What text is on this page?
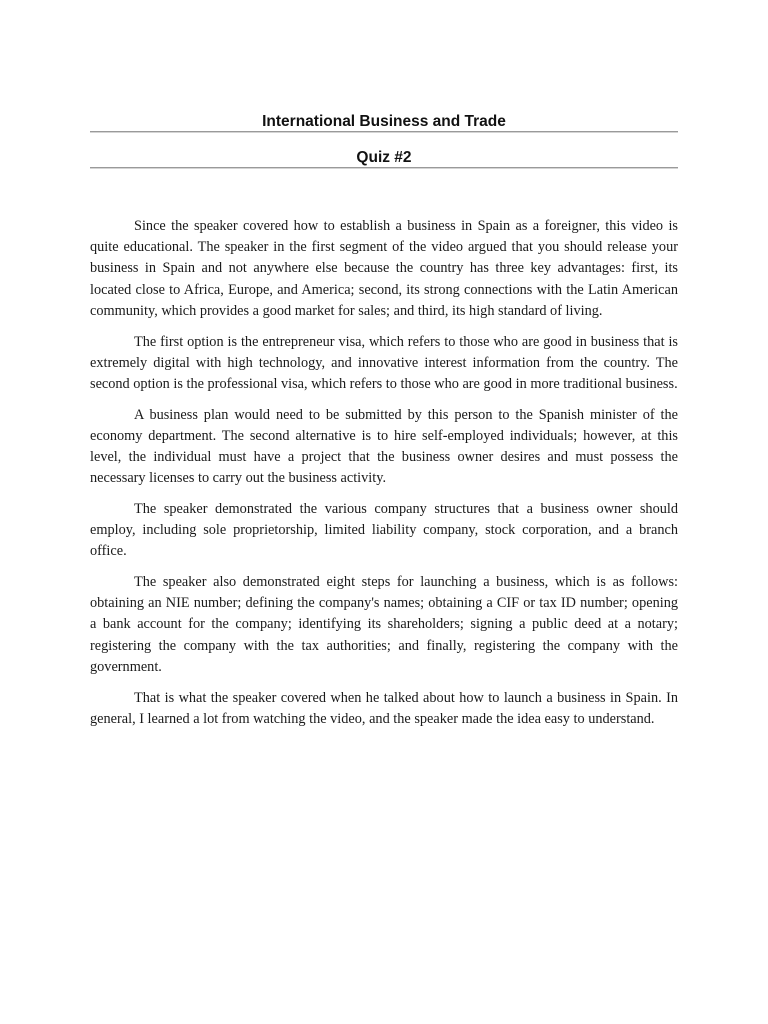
International Business and Trade
Quiz #2

Since the speaker covered how to establish a business in Spain as a foreigner, this video is quite educational. The speaker in the first segment of the video argued that you should release your business in Spain and not anywhere else because the country has three key advantages: first, its located close to Africa, Europe, and America; second, its strong connections with the Latin American community, which provides a good market for sales; and third, its high standard of living.

The first option is the entrepreneur visa, which refers to those who are good in business that is extremely digital with high technology, and innovative interest information from the country. The second option is the professional visa, which refers to those who are good in more traditional business.

A business plan would need to be submitted by this person to the Spanish minister of the economy department. The second alternative is to hire self-employed individuals; however, at this level, the individual must have a project that the business owner desires and must possess the necessary licenses to carry out the business activity.

The speaker demonstrated the various company structures that a business owner should employ, including sole proprietorship, limited liability company, stock corporation, and a branch office.

The speaker also demonstrated eight steps for launching a business, which is as follows: obtaining an NIE number; defining the company's names; obtaining a CIF or tax ID number; opening a bank account for the company; identifying its shareholders; signing a public deed at a notary; registering the company with the tax authorities; and finally, registering the company with the government.

That is what the speaker covered when he talked about how to launch a business in Spain. In general, I learned a lot from watching the video, and the speaker made the idea easy to understand.
